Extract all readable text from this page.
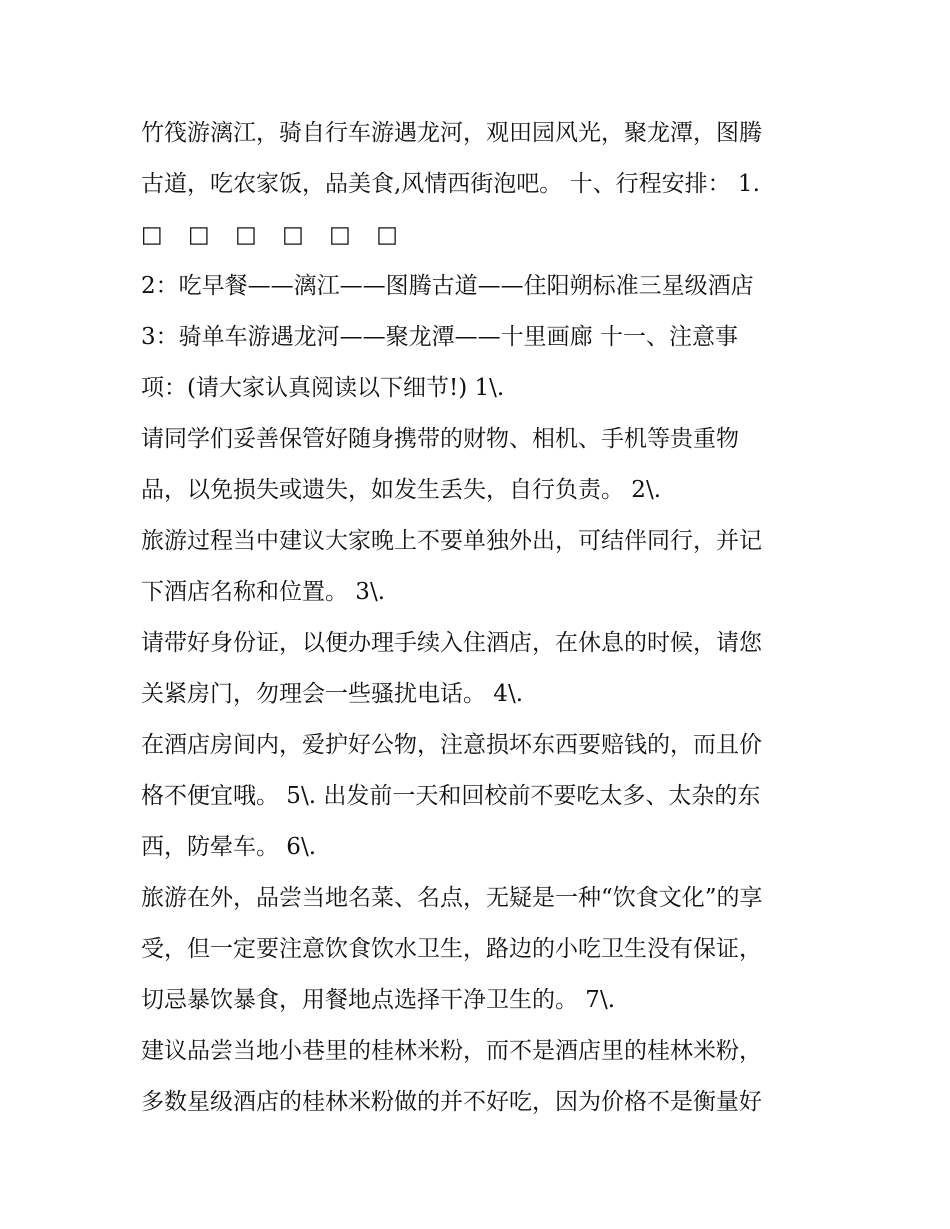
竹筏游漓江，骑自行车游遇龙河，观田园风光，聚龙潭，图腾
古道，吃农家饭，品美食,风情西街泡吧。 十、行程安排： 1.
□ □ □ □ □ □
2：吃早餐——漓江——图腾古道——住阳朔标准三星级酒店
3：骑单车游遇龙河——聚龙潭——十里画廊 十一、注意事
项：(请大家认真阅读以下细节!) 1\.
请同学们妥善保管好随身携带的财物、相机、手机等贵重物
品，以免损失或遗失，如发生丢失，自行负责。 2\.
旅游过程当中建议大家晚上不要单独外出，可结伴同行，并记
下酒店名称和位置。 3\.
请带好身份证，以便办理手续入住酒店，在休息的时候，请您
关紧房门，勿理会一些骚扰电话。 4\.
在酒店房间内，爱护好公物，注意损坏东西要赔钱的，而且价
格不便宜哦。 5\. 出发前一天和回校前不要吃太多、太杂的东
西，防晕车。 6\.
旅游在外，品尝当地名菜、名点，无疑是一种“饮食文化”的享
受，但一定要注意饮食饮水卫生，路边的小吃卫生没有保证，
切忌暴饮暴食，用餐地点选择干净卫生的。 7\.
建议品尝当地小巷里的桂林米粉，而不是酒店里的桂林米粉，
多数星级酒店的桂林米粉做的并不好吃，因为价格不是衡量好
